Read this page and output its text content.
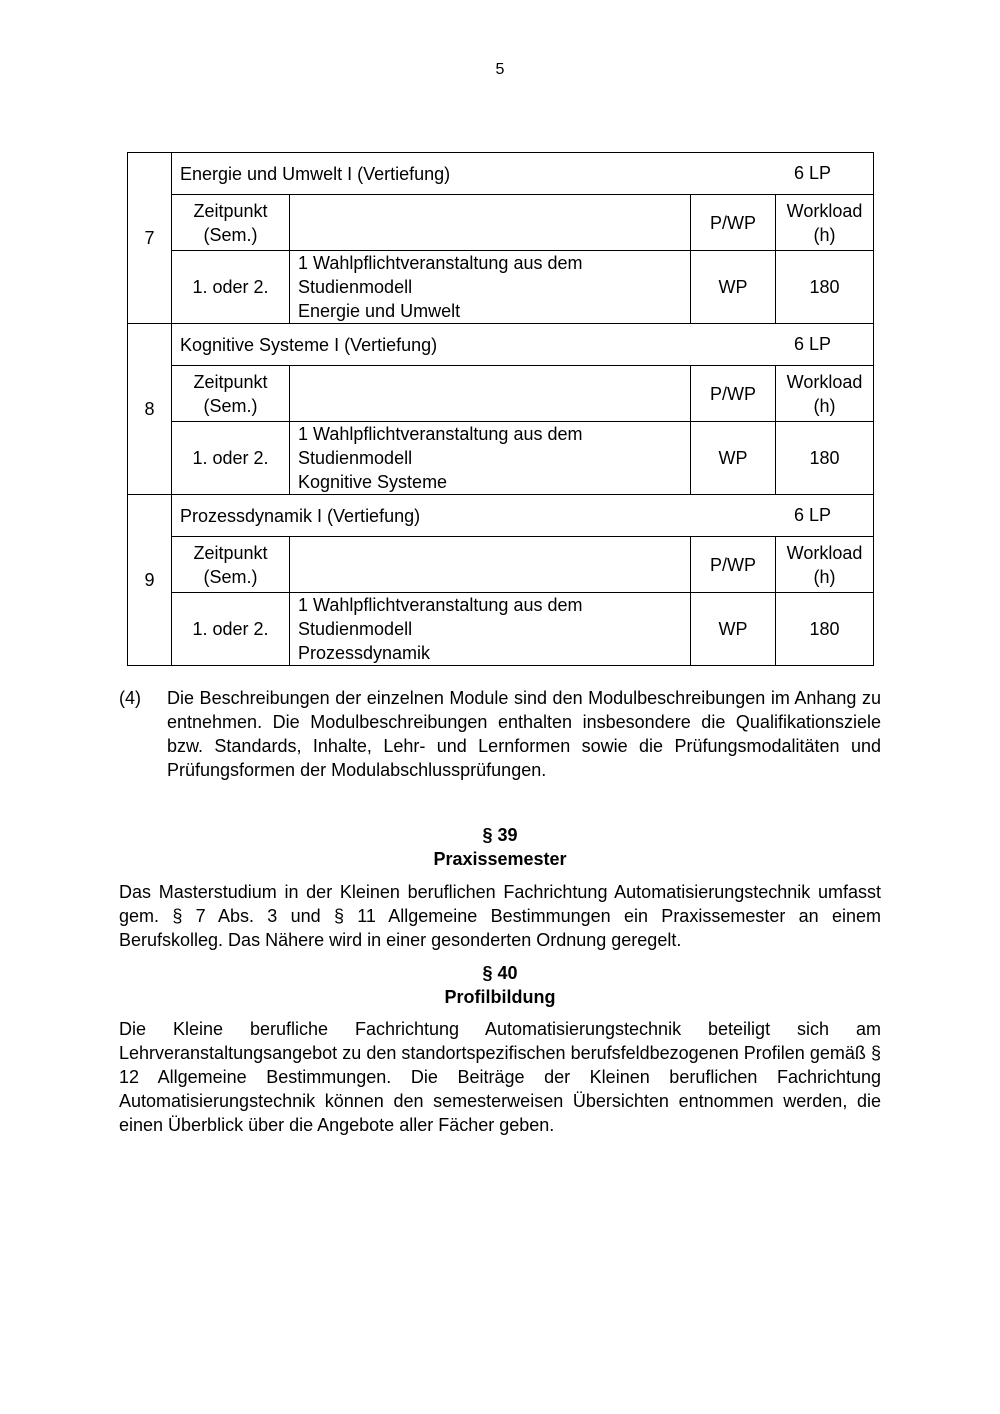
5
7	Energie und Umwelt I (Vertiefung) 6 LP			

	Zeitpunkt (Sem.)		P/WP	Workload (h)
	1. oder 2.	1 Wahlpflichtveranstaltung aus dem Studienmodell
Energie und Umwelt	WP	180
8	Kognitive Systeme I (Vertiefung) 6 LP			

	Zeitpunkt (Sem.)		P/WP	Workload (h)
	1. oder 2.	1 Wahlpflichtveranstaltung aus dem Studienmodell
Kognitive Systeme	WP	180
9	Prozessdynamik I (Vertiefung) 6 LP			

	Zeitpunkt (Sem.)		P/WP	Workload (h)
	1. oder 2.	1 Wahlpflichtveranstaltung aus dem Studienmodell
Prozessdynamik	WP	180
(4) Die Beschreibungen der einzelnen Module sind den Modulbeschreibungen im Anhang zu entnehmen. Die Modulbeschreibungen enthalten insbesondere die Qualifikationsziele bzw. Standards, Inhalte, Lehr- und Lernformen sowie die Prüfungsmodalitäten und Prüfungsformen der Modulabschlussprüfungen.
§ 39
Praxissemester
Das Masterstudium in der Kleinen beruflichen Fachrichtung Automatisierungstechnik umfasst gem. § 7 Abs. 3 und § 11 Allgemeine Bestimmungen ein Praxissemester an einem Berufskolleg. Das Nähere wird in einer gesonderten Ordnung geregelt.
§ 40
Profilbildung
Die Kleine berufliche Fachrichtung Automatisierungstechnik beteiligt sich am Lehrveranstaltungsangebot zu den standortspezifischen berufsfeldbezogenen Profilen gemäß § 12 Allgemeine Bestimmungen. Die Beiträge der Kleinen beruflichen Fachrichtung Automatisierungstechnik können den semesterweisen Übersichten entnommen werden, die einen Überblick über die Angebote aller Fächer geben.
